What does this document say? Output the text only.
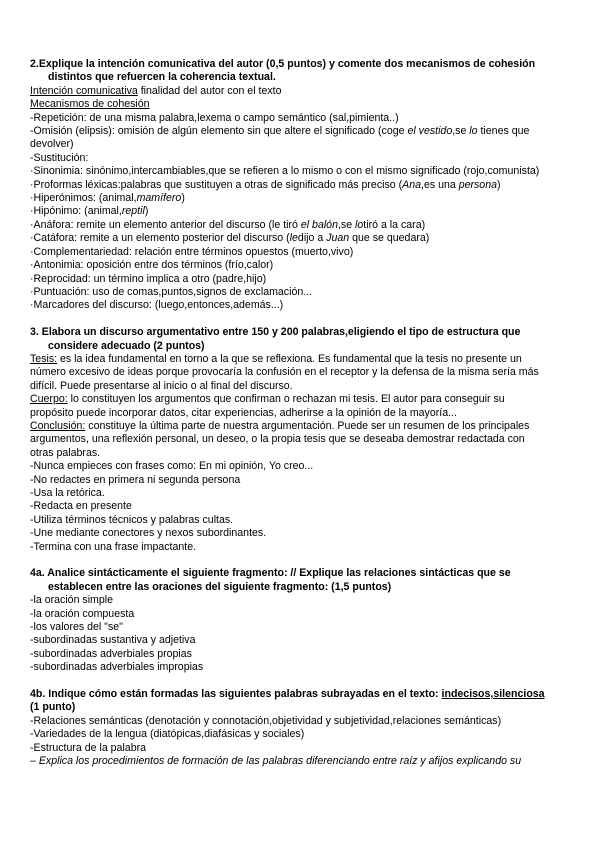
2.Explique la intención comunicativa del autor (0,5 puntos) y comente dos mecanismos de cohesión
distintos que refuercen la coherencia textual.
Intención comunicativa finalidad del autor con el texto
Mecanismos de cohesión
-Repetición: de una misma palabra,lexema o campo semántico (sal,pimienta..)
-Omisión (elipsis): omisión de algún elemento sin que altere el significado (coge el vestido,se lo tienes que
devolver)
-Sustitución:
·Sinonimia: sinónimo,intercambiables,que se refieren a lo mismo o con el mismo significado (rojo,comunista)
·Proformas léxicas:palabras que sustituyen a otras de significado más preciso (Ana,es una persona)
·Hiperónimos: (animal,mamífero)
·Hipónimo: (animal,reptil)
·Anáfora: remite un elemento anterior del discurso (le tiró el balón,se lotiró a la cara)
·Catáfora: remite a un elemento posterior del discurso (ledijo a Juan que se quedara)
·Complementariedad: relación entre términos opuestos (muerto,vivo)
·Antonimia: oposición entre dos términos (frío,calor)
·Reprocidad: un término implica a otro (padre,hijo)
·Puntuación: uso de comas,puntos,signos de exclamación...
·Marcadores del discurso: (luego,entonces,además...)
3. Elabora un discurso argumentativo entre 150 y 200 palabras,eligiendo el tipo de estructura que
considere adecuado (2 puntos)
Tesis: es la idea fundamental en torno a la que se reflexiona. Es fundamental que la tesis no presente un
número excesivo de ideas porque provocaría la confusión en el receptor y la defensa de la misma sería más
difícil. Puede presentarse al inicio o al final del discurso.
Cuerpo: lo constituyen los argumentos que confirman o rechazan mi tesis. El autor para conseguir su
propósito puede incorporar datos, citar experiencias, adherirse a la opinión de la mayoría...
Conclusión: constituye la última parte de nuestra argumentación. Puede ser un resumen de los principales
argumentos, una reflexión personal, un deseo, o la propia tesis que se deseaba demostrar redactada con
otras palabras.
-Nunca empieces con frases como: En mi opinión, Yo creo...
-No redactes en primera ni segunda persona
-Usa la retórica.
-Redacta en presente
-Utiliza términos técnicos y palabras cultas.
-Une mediante conectores y nexos subordinantes.
-Termina con una frase impactante.
4a. Analice sintácticamente el siguiente fragmento: // Explique las relaciones sintácticas que se
establecen entre las oraciones del siguiente fragmento: (1,5 puntos)
-la oración simple
-la oración compuesta
-los valores del "se"
-subordinadas sustantiva y adjetiva
-subordinadas adverbiales propias
-subordinadas adverbiales impropias
4b. Indique cómo están formadas las siguientes palabras subrayadas en el texto: indecisos,silenciosa
(1 punto)
-Relaciones semánticas (denotación y connotación,objetividad y subjetividad,relaciones semánticas)
-Variedades de la lengua (diatópicas,diafásicas y sociales)
-Estructura de la palabra
– Explica los procedimientos de formación de las palabras diferenciando entre raíz y afijos explicando su
